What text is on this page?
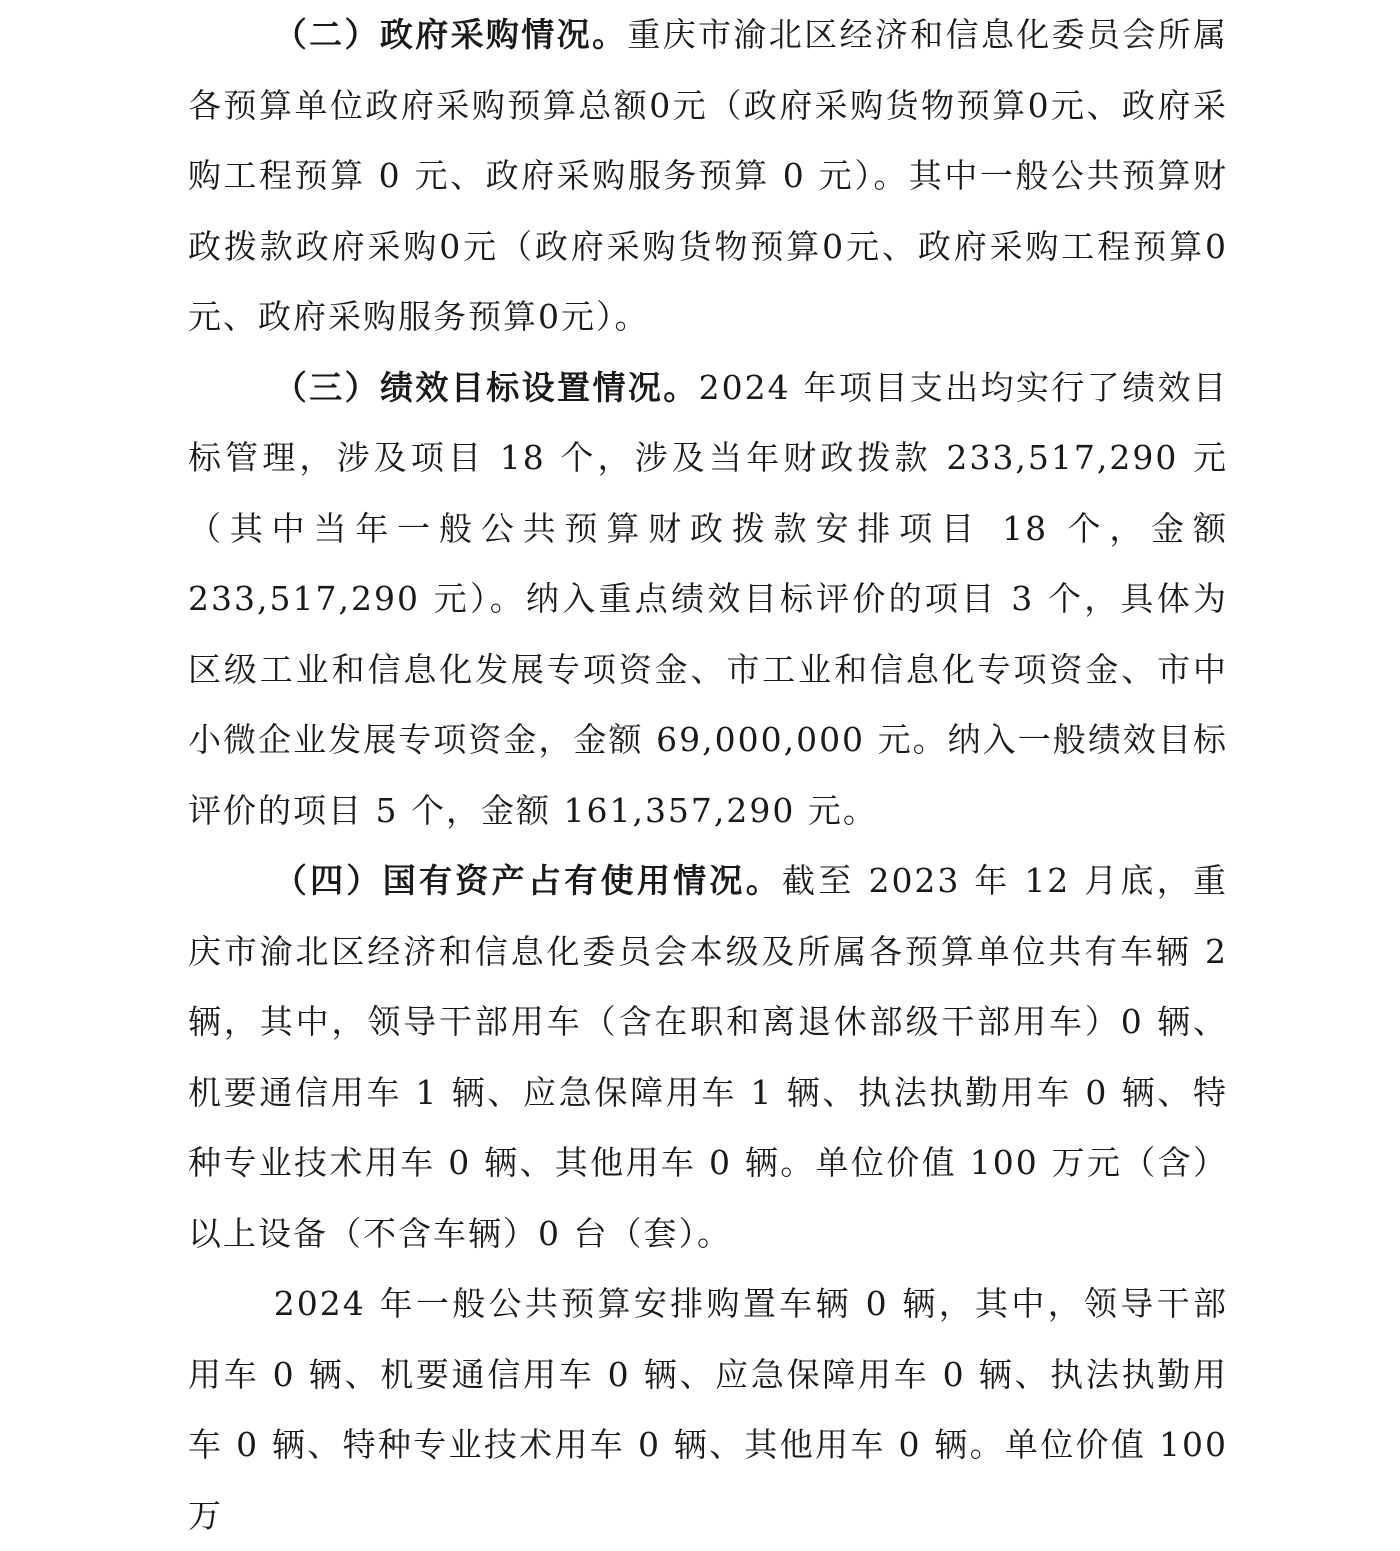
（二）政府采购情况。重庆市渝北区经济和信息化委员会所属各预算单位政府采购预算总额0元（政府采购货物预算0元、政府采购工程预算 0 元、政府采购服务预算 0 元）。其中一般公共预算财政拨款政府采购0元（政府采购货物预算0元、政府采购工程预算0元、政府采购服务预算0元）。

（三）绩效目标设置情况。2024 年项目支出均实行了绩效目标管理，涉及项目 18 个，涉及当年财政拨款 233,517,290 元（其中当年一般公共预算财政拨款安排项目 18 个，金额233,517,290 元）。纳入重点绩效目标评价的项目 3 个，具体为区级工业和信息化发展专项资金、市工业和信息化专项资金、市中小微企业发展专项资金，金额 69,000,000 元。纳入一般绩效目标评价的项目 5 个，金额 161,357,290 元。

（四）国有资产占有使用情况。截至 2023 年 12 月底，重庆市渝北区经济和信息化委员会本级及所属各预算单位共有车辆 2 辆，其中，领导干部用车（含在职和离退休部级干部用车）0 辆、机要通信用车 1 辆、应急保障用车 1 辆、执法执勤用车 0 辆、特种专业技术用车 0 辆、其他用车 0 辆。单位价值 100 万元（含）以上设备（不含车辆）0 台（套）。

2024 年一般公共预算安排购置车辆 0 辆，其中，领导干部用车 0 辆、机要通信用车 0 辆、应急保障用车 0 辆、执法执勤用车 0 辆、特种专业技术用车 0 辆、其他用车 0 辆。单位价值 100 万
